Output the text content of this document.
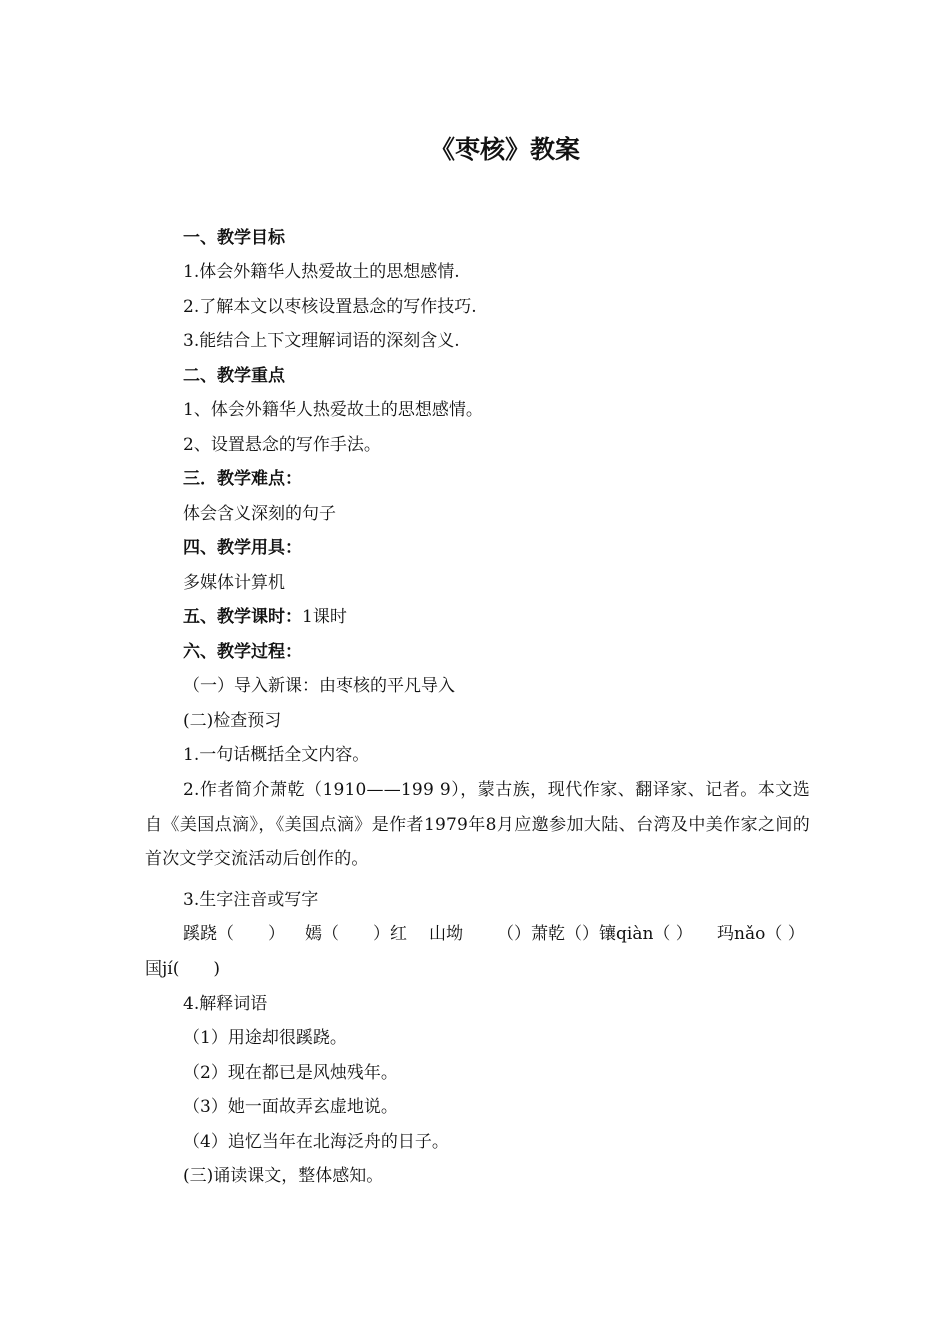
《枣核》教案
一、教学目标
1.体会外籍华人热爱故土的思想感情.
2.了解本文以枣核设置悬念的写作技巧.
3.能结合上下文理解词语的深刻含义.
二、教学重点
1、体会外籍华人热爱故土的思想感情。
2、设置悬念的写作手法。
三．教学难点：
体会含义深刻的句子
四、教学用具：
多媒体计算机
五、教学课时：1课时
六、教学过程：
（一）导入新课：由枣核的平凡导入
(二)检查预习
1.一句话概括全文内容。
2.作者简介萧乾（1910——199 9），蒙古族，现代作家、翻译家、记者。本文选自《美国点滴》，《美国点滴》是作者1979年8月应邀参加大陆、台湾及中美作家之间的首次文学交流活动后创作的。
3.生字注音或写字
蹊跷（　　） 嫣（　　）红 山坳 （）萧乾（）镶qiàn（ ） 玛nǎo（ ）
国jí(　　)
4.解释词语
（1）用途却很蹊跷。
（2）现在都已是风烛残年。
（3）她一面故弄玄虚地说。
（4）追忆当年在北海泛舟的日子。
(三)诵读课文，整体感知。
